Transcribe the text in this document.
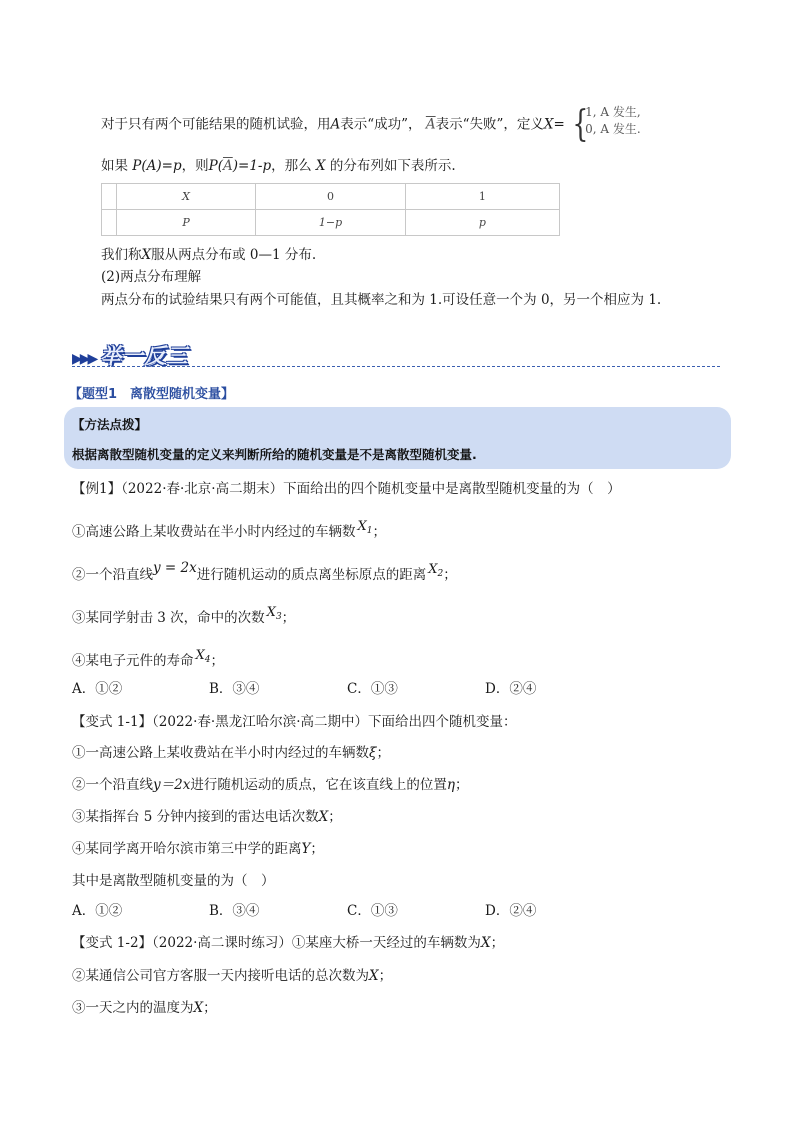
对于只有两个可能结果的随机试验，用A表示“成功”， $\overline{A}$表示“失败”，定义X= {
1, A 发生,
0, A 发生.
如果 P(A)=p，则$P(\overline{A})=1-p$，那么 X 的分布列如下表所示.
	X	0	1
	P	1−p	p
我们称X服从两点分布或 0—1 分布.
(2)两点分布理解
两点分布的试验结果只有两个可能值，且其概率之和为 1.可设任意一个为 0，另一个相应为 1.
▶▶▶ 举一反三
【题型1　离散型随机变量】
【方法点拨】
根据离散型随机变量的定义来判断所给的随机变量是不是离散型随机变量.
【例1】（2022·春·北京·高二期末）下面给出的四个随机变量中是离散型随机变量的为（　）
①高速公路上某收费站在半小时内经过的车辆数 $X_1$；
②一个沿直线y = 2x进行随机运动的质点离坐标原点的距离 $X_2$；
③某同学射击 3 次，命中的次数 $X_3$；
④某电子元件的寿命 $X_4$；
A．①②	B．③④	C．①③	D．②④
【变式 1-1】（2022·春·黑龙江哈尔滨·高二期中）下面给出四个随机变量：
①一高速公路上某收费站在半小时内经过的车辆数ξ；
②一个沿直线y＝2x进行随机运动的质点，它在该直线上的位置η；
③某指挥台 5 分钟内接到的雷达电话次数X；
④某同学离开哈尔滨市第三中学的距离Y；
其中是离散型随机变量的为（　）
A．①②	B．③④	C．①③	D．②④
【变式 1-2】（2022·高二课时练习）①某座大桥一天经过的车辆数为X；
②某通信公司官方客服一天内接听电话的总次数为X；
③一天之内的温度为X；
